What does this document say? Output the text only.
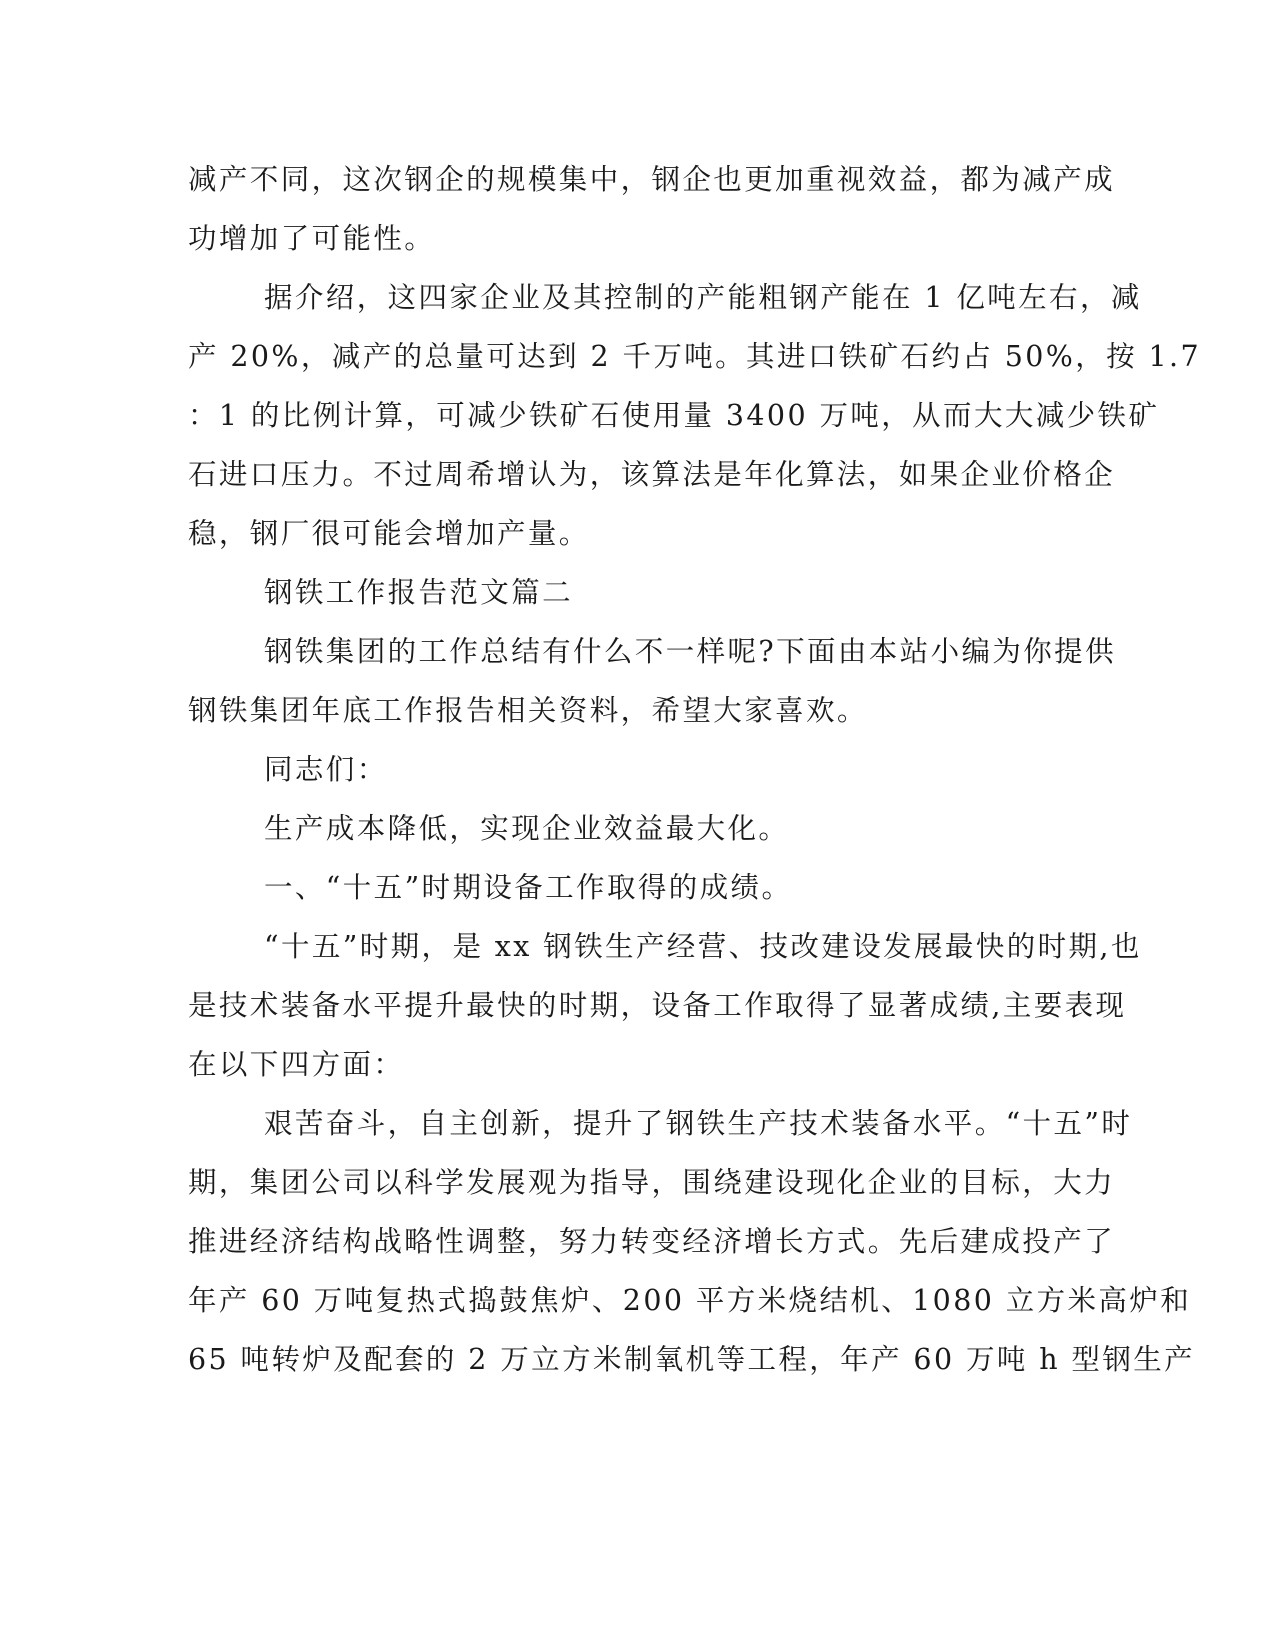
减产不同，这次钢企的规模集中，钢企也更加重视效益，都为减产成
功增加了可能性。
据介绍，这四家企业及其控制的产能粗钢产能在 1 亿吨左右，减
产 20%，减产的总量可达到 2 千万吨。其进口铁矿石约占 50%，按 1.7
：1 的比例计算，可减少铁矿石使用量 3400 万吨，从而大大减少铁矿
石进口压力。不过周希增认为，该算法是年化算法，如果企业价格企
稳，钢厂很可能会增加产量。
钢铁工作报告范文篇二
钢铁集团的工作总结有什么不一样呢?下面由本站小编为你提供
钢铁集团年底工作报告相关资料，希望大家喜欢。
同志们：
生产成本降低，实现企业效益最大化。
一、“十五”时期设备工作取得的成绩。
“十五”时期，是 xx 钢铁生产经营、技改建设发展最快的时期,也
是技术装备水平提升最快的时期，设备工作取得了显著成绩,主要表现
在以下四方面：
艰苦奋斗，自主创新，提升了钢铁生产技术装备水平。“十五”时
期，集团公司以科学发展观为指导，围绕建设现化企业的目标，大力
推进经济结构战略性调整，努力转变经济增长方式。先后建成投产了
年产 60 万吨复热式捣鼓焦炉、200 平方米烧结机、1080 立方米高炉和
65 吨转炉及配套的 2 万立方米制氧机等工程，年产 60 万吨 h 型钢生产
